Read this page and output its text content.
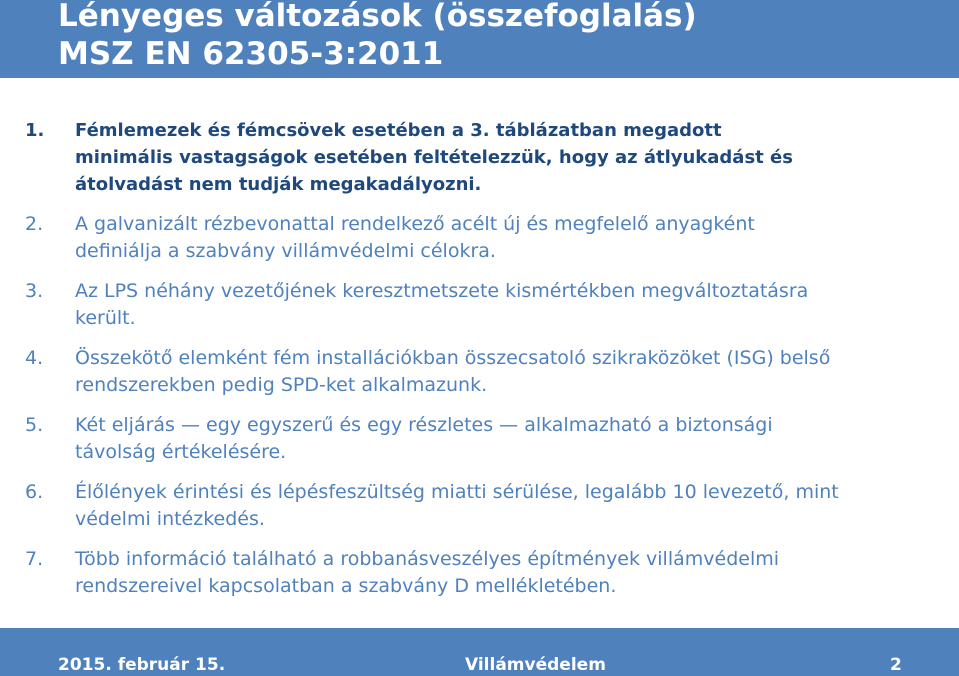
Lényeges változások (összefoglalás)
MSZ EN 62305-3:2011
1. Fémlemezek és fémcsövek esetében a 3. táblázatban megadott
minimális vastagságok esetében feltételezzük, hogy az átlyukadást és
átolvadást nem tudják megakadályozni.
2. A galvanizált rézbevonattal rendelkező acélt új és megfelelő anyagként
definiálja a szabvány villámvédelmi célokra.
3. Az LPS néhány vezetőjének keresztmetszete kismértékben megváltoztatásra
került.
4. Összekötő elemként fém installációkban összecsatoló szikraközöket (ISG) belső
rendszerekben pedig SPD-ket alkalmazunk.
5. Két eljárás — egy egyszerű és egy részletes — alkalmazható a biztonsági
távolság értékelésére.
6. Élőlények érintési és lépésfeszültség miatti sérülése, legalább 10 levezető, mint
védelmi intézkedés.
7. Több információ található a robbanásveszélyes építmények villámvédelmi
rendszereivel kapcsolatban a szabvány D mellékletében.
2015. február 15.	Villámvédelem	2
